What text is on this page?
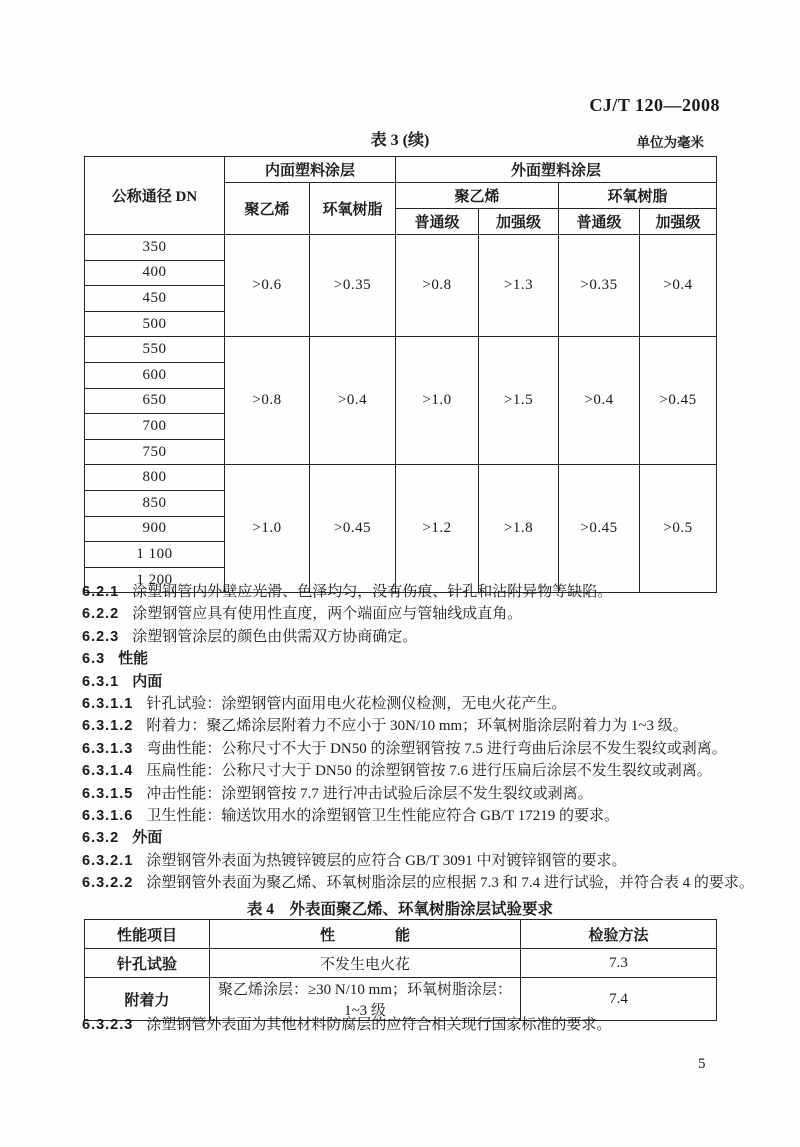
CJ/T 120—2008
表 3 (续)	单位为毫米
公称通径 DN	内面塑料涂层		外面塑料涂层			
	聚乙烯	环氧树脂	聚乙烯		环氧树脂	
			普通级	加强级	普通级	加强级
350	>0.6	>0.35	>0.8	>1.3	>0.35	>0.4
400						
450						
500						
550	>0.8	>0.4	>1.0	>1.5	>0.4	>0.45
600						
650						
700						
750						
800	>1.0	>0.45	>1.2	>1.8	>0.45	>0.5
850						
900						
1 100						
1 200						

6.2.1 涂塑钢管内外壁应光滑、色泽均匀，没有伤痕、针孔和沾附异物等缺陷。

6.2.2 涂塑钢管应具有使用性直度，两个端面应与管轴线成直角。

6.2.3 涂塑钢管涂层的颜色由供需双方协商确定。

6.3 性能

6.3.1 内面

6.3.1.1 针孔试验：涂塑钢管内面用电火花检测仪检测，无电火花产生。

6.3.1.2 附着力：聚乙烯涂层附着力不应小于 30N/10 mm；环氧树脂涂层附着力为 1~3 级。

6.3.1.3 弯曲性能：公称尺寸不大于 DN50 的涂塑钢管按 7.5 进行弯曲后涂层不发生裂纹或剥离。

6.3.1.4 压扁性能：公称尺寸大于 DN50 的涂塑钢管按 7.6 进行压扁后涂层不发生裂纹或剥离。

6.3.1.5 冲击性能：涂塑钢管按 7.7 进行冲击试验后涂层不发生裂纹或剥离。

6.3.1.6 卫生性能：输送饮用水的涂塑钢管卫生性能应符合 GB/T 17219 的要求。

6.3.2 外面

6.3.2.1 涂塑钢管外表面为热镀锌镀层的应符合 GB/T 3091 中对镀锌钢管的要求。

6.3.2.2 涂塑钢管外表面为聚乙烯、环氧树脂涂层的应根据 7.3 和 7.4 进行试验，并符合表 4 的要求。

表 4　外表面聚乙烯、环氧树脂涂层试验要求
性能项目	性　　　　能	检验方法
针孔试验	不发生电火花	7.3
附着力	聚乙烯涂层：≥30 N/10 mm；环氧树脂涂层：1~3 级	7.4

6.3.2.3 涂塑钢管外表面为其他材料防腐层的应符合相关现行国家标准的要求。

5
